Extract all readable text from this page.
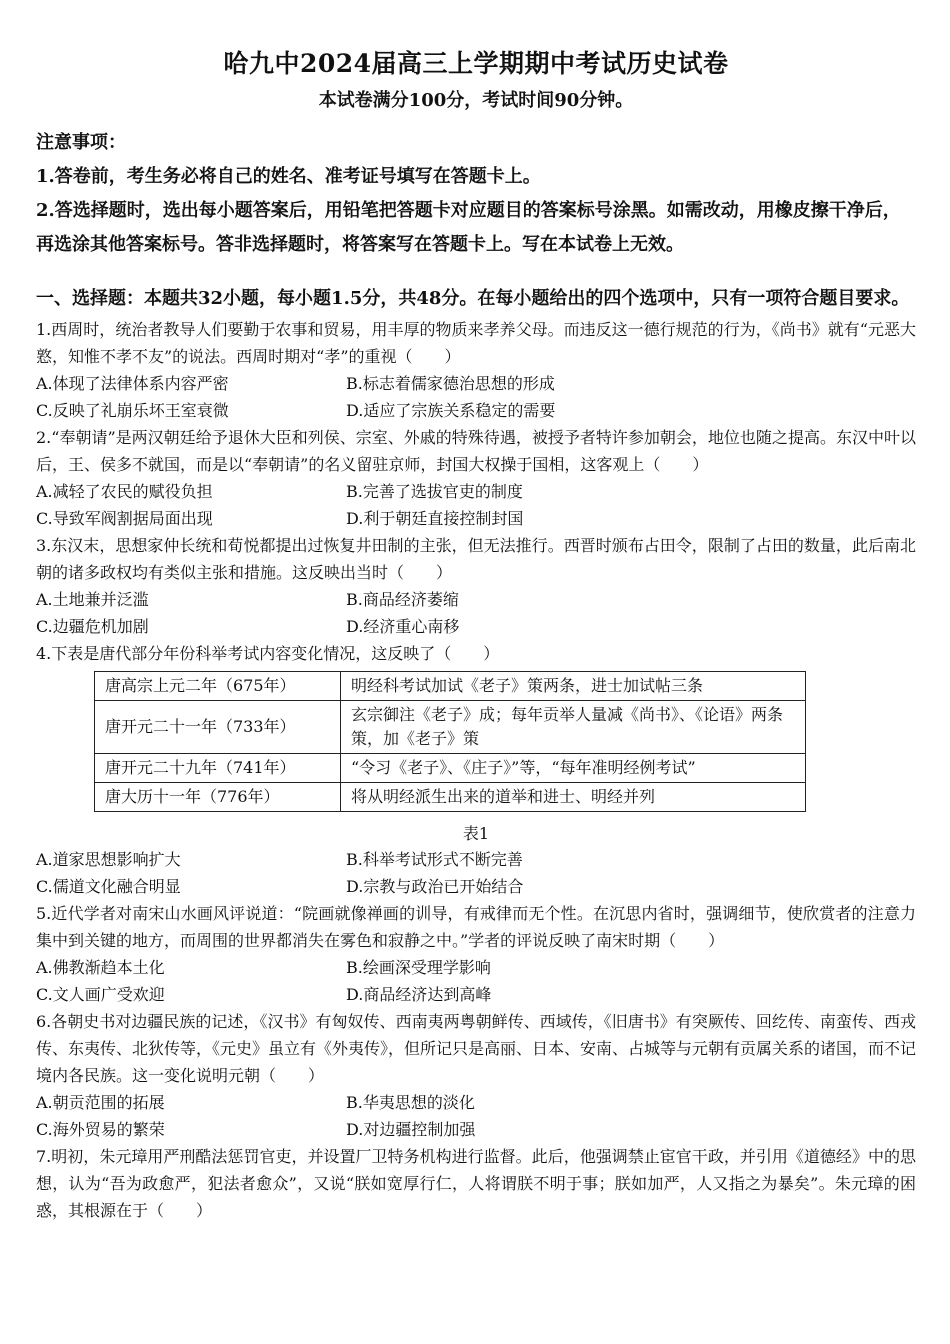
哈九中2024届高三上学期期中考试历史试卷
本试卷满分100分，考试时间90分钟。
注意事项：
1.答卷前，考生务必将自己的姓名、准考证号填写在答题卡上。
2.答选择题时，选出每小题答案后，用铅笔把答题卡对应题目的答案标号涂黑。如需改动，用橡皮擦干净后，再选涂其他答案标号。答非选择题时，将答案写在答题卡上。写在本试卷上无效。
一、选择题：本题共32小题，每小题1.5分，共48分。在每小题给出的四个选项中，只有一项符合题目要求。
1.西周时，统治者教导人们要勤于农事和贸易，用丰厚的物质来孝养父母。而违反这一德行规范的行为，《尚书》就有“元恶大憝，知惟不孝不友”的说法。西周时期对“孝”的重视（　　）
A.体现了法律体系内容严密	B.标志着儒家德治思想的形成
C.反映了礼崩乐坏王室衰微	D.适应了宗族关系稳定的需要
2.“奉朝请”是两汉朝廷给予退休大臣和列侯、宗室、外戚的特殊待遇，被授予者特许参加朝会，地位也随之提高。东汉中叶以后，王、侯多不就国，而是以“奉朝请”的名义留驻京师，封国大权操于国相，这客观上（　　）
A.减轻了农民的赋役负担	B.完善了选拔官吏的制度
C.导致军阀割据局面出现	D.利于朝廷直接控制封国
3.东汉末，思想家仲长统和荀悦都提出过恢复井田制的主张，但无法推行。西晋时颁布占田令，限制了占田的数量，此后南北朝的诸多政权均有类似主张和措施。这反映出当时（　　）
A.土地兼并泛滥	B.商品经济萎缩
C.边疆危机加剧	D.经济重心南移
4.下表是唐代部分年份科举考试内容变化情况，这反映了（　　）
唐高宗上元二年（675年）	明经科考试加试《老子》策两条，进士加试帖三条
唐开元二十一年（733年）	玄宗御注《老子》成；每年贡举人量减《尚书》、《论语》两条策，加《老子》策
唐开元二十九年（741年）	“令习《老子》、《庄子》”等，“每年准明经例考试”
唐大历十一年（776年）	将从明经派生出来的道举和进士、明经并列
表1
A.道家思想影响扩大	B.科举考试形式不断完善
C.儒道文化融合明显	D.宗教与政治已开始结合
5.近代学者对南宋山水画风评说道：“院画就像禅画的训导，有戒律而无个性。在沉思内省时，强调细节，使欣赏者的注意力集中到关键的地方，而周围的世界都消失在雾色和寂静之中。”学者的评说反映了南宋时期（　　）
A.佛教渐趋本土化	B.绘画深受理学影响
C.文人画广受欢迎	D.商品经济达到高峰
6.各朝史书对边疆民族的记述，《汉书》有匈奴传、西南夷两粤朝鲜传、西域传，《旧唐书》有突厥传、回纥传、南蛮传、西戎传、东夷传、北狄传等，《元史》虽立有《外夷传》，但所记只是高丽、日本、安南、占城等与元朝有贡属关系的诸国，而不记境内各民族。这一变化说明元朝（　　）
A.朝贡范围的拓展	B.华夷思想的淡化
C.海外贸易的繁荣	D.对边疆控制加强
7.明初，朱元璋用严刑酷法惩罚官吏，并设置厂卫特务机构进行监督。此后，他强调禁止宦官干政，并引用《道德经》中的思想，认为“吾为政愈严，犯法者愈众”，又说“朕如宽厚行仁，人将谓朕不明于事；朕如加严，人又指之为暴矣”。朱元璋的困惑，其根源在于（　　）
